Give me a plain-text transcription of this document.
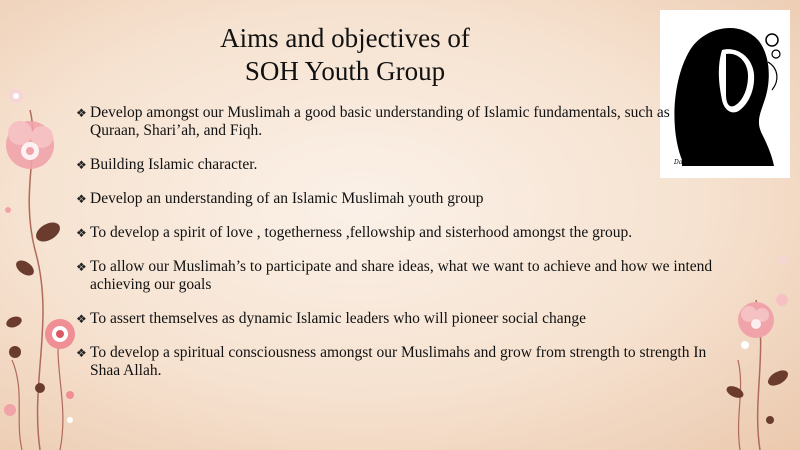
Aims and objectives of
SOH Youth Group
Dania Sara
❖ Develop amongst our Muslimah a good basic understanding of Islamic fundamentals, such as Quraan, Shari’ah, and Fiqh.
❖ Building Islamic character.
❖ Develop an understanding of an Islamic Muslimah youth group
❖ To develop a spirit of love , togetherness ,fellowship and sisterhood amongst the group.
❖ To allow our Muslimah’s to participate and share ideas, what we want to achieve and how we intend achieving our goals
❖ To assert themselves as dynamic Islamic leaders who will pioneer social change
❖ To develop a spiritual consciousness amongst our Muslimahs and grow from strength to strength In Shaa Allah.
